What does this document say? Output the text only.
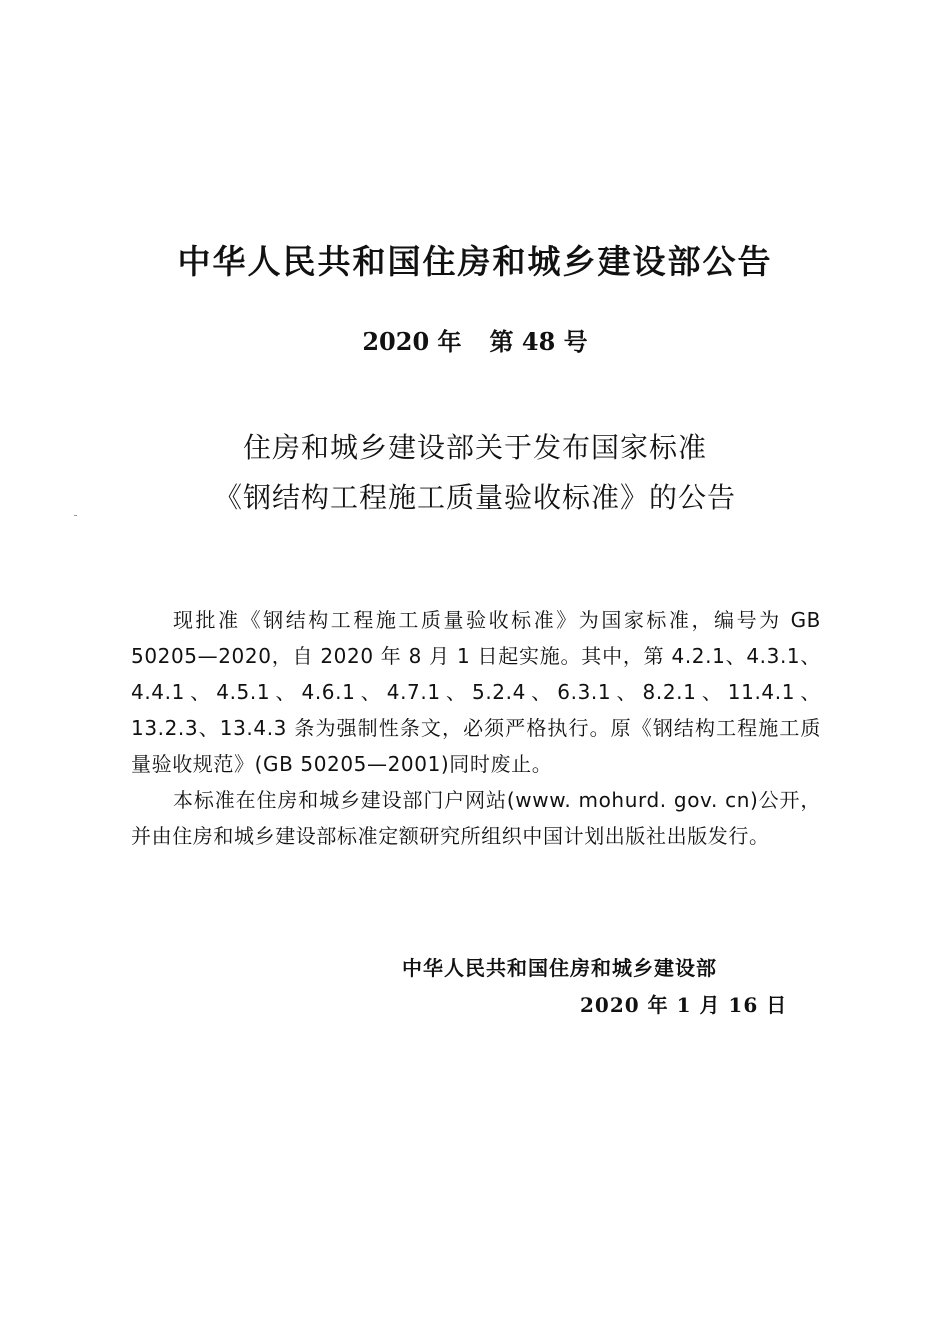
中华人民共和国住房和城乡建设部公告
2020 年 第 48 号
住房和城乡建设部关于发布国家标准
《钢结构工程施工质量验收标准》的公告

现批准《钢结构工程施工质量验收标准》为国家标准，编号为 GB 50205—2020，自 2020 年 8 月 1 日起实施。其中，第 4.2.1、4.3.1、4.4.1、4.5.1、4.6.1、4.7.1、5.2.4、6.3.1、8.2.1、11.4.1、13.2.3、13.4.3 条为强制性条文，必须严格执行。原《钢结构工程施工质量验收规范》(GB 50205—2001)同时废止。

本标准在住房和城乡建设部门户网站(www. mohurd. gov. cn)公开，并由住房和城乡建设部标准定额研究所组织中国计划出版社出版发行。

中华人民共和国住房和城乡建设部
2020 年 1 月 16 日
